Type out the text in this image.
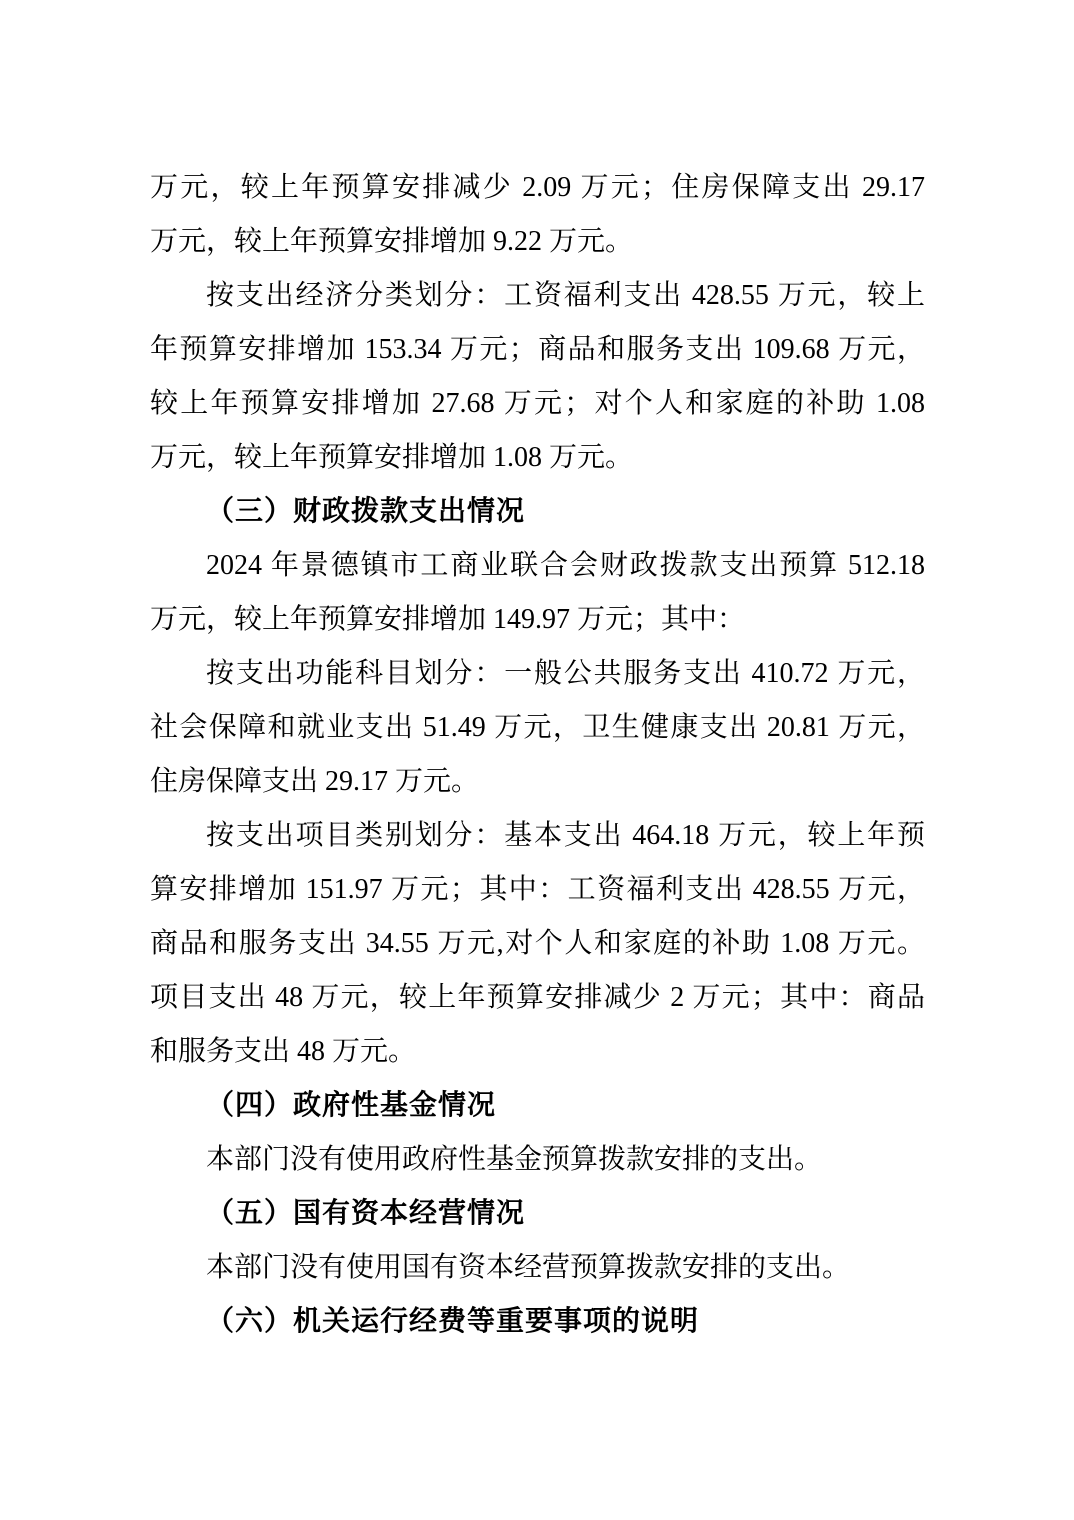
万元，较上年预算安排减少 2.09 万元；住房保障支出 29.17
万元，较上年预算安排增加 9.22 万元。
按支出经济分类划分：工资福利支出 428.55 万元，较上
年预算安排增加 153.34 万元；商品和服务支出 109.68 万元，
较上年预算安排增加 27.68 万元；对个人和家庭的补助 1.08
万元，较上年预算安排增加 1.08 万元。
（三）财政拨款支出情况
2024 年景德镇市工商业联合会财政拨款支出预算 512.18
万元，较上年预算安排增加 149.97 万元；其中：
按支出功能科目划分：一般公共服务支出 410.72 万元，
社会保障和就业支出 51.49 万元，卫生健康支出 20.81 万元，
住房保障支出 29.17 万元。
按支出项目类别划分：基本支出 464.18 万元，较上年预
算安排增加 151.97 万元；其中：工资福利支出 428.55 万元，
商品和服务支出 34.55 万元,对个人和家庭的补助 1.08 万元。
项目支出 48 万元，较上年预算安排减少 2 万元；其中：商品
和服务支出 48 万元。
（四）政府性基金情况
本部门没有使用政府性基金预算拨款安排的支出。
（五）国有资本经营情况
本部门没有使用国有资本经营预算拨款安排的支出。
（六）机关运行经费等重要事项的说明
